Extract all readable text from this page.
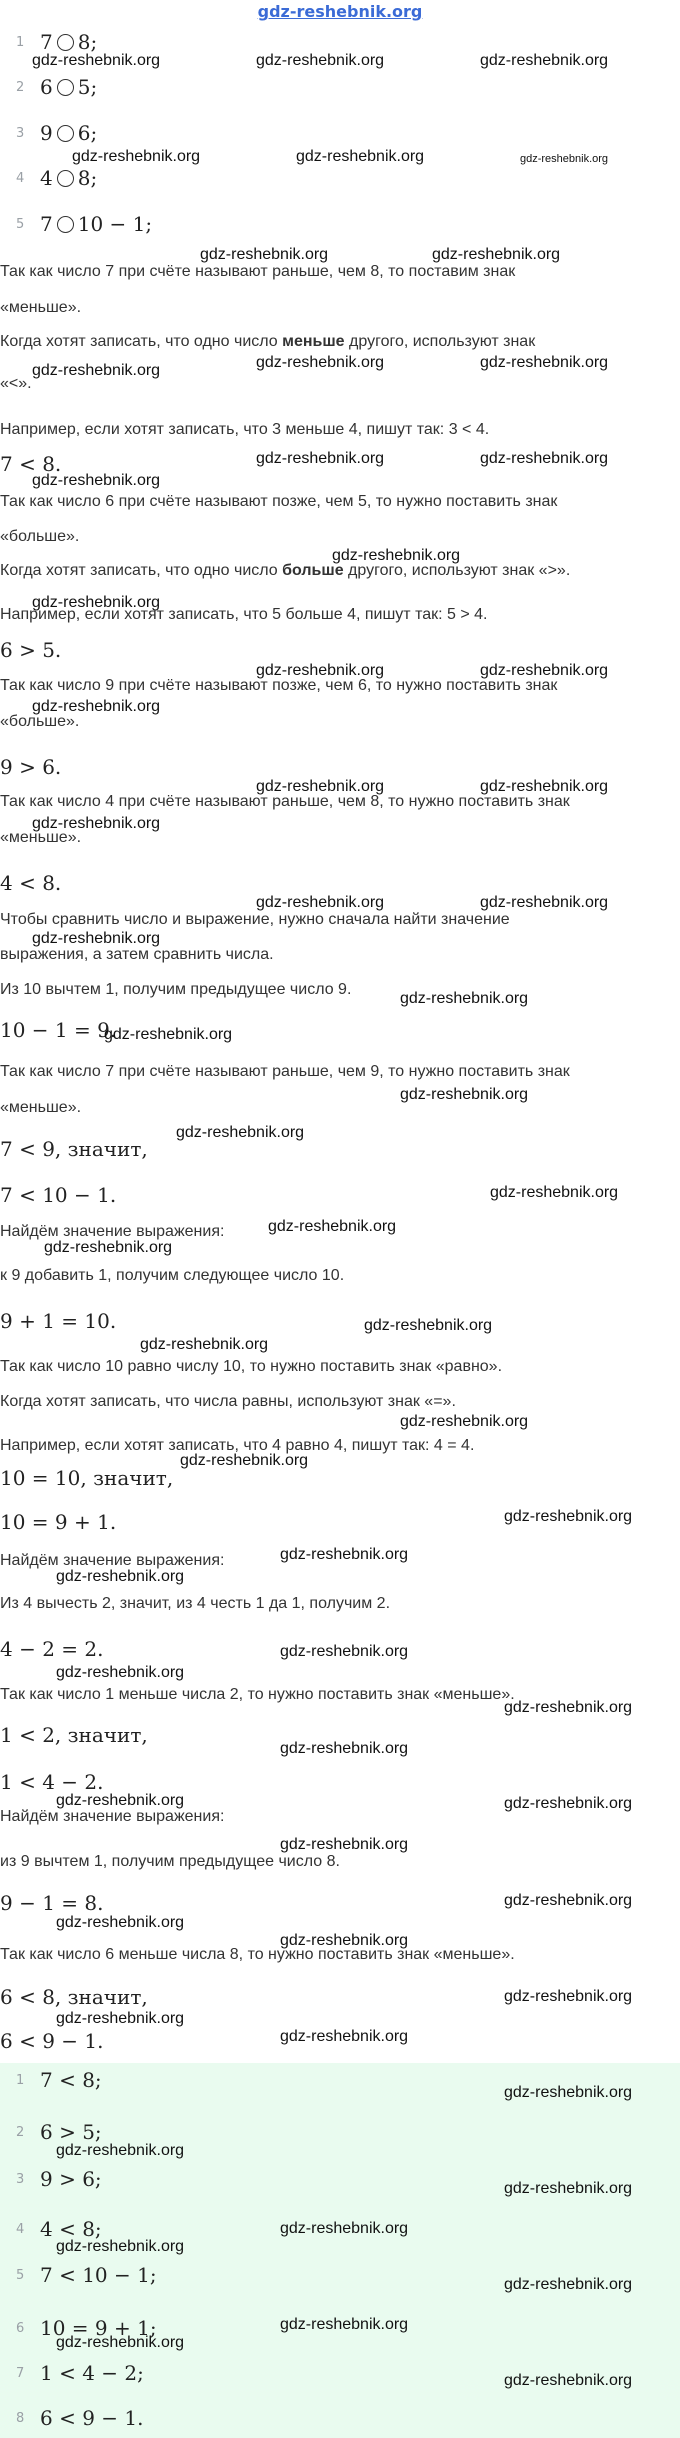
gdz-reshebnik.org
1 7 8;
2 6 5;
3 9 6;
4 4 8;
5 7 10 − 1;
Так как число 7 при счёте называют раньше, чем 8, то поставим знак
«меньше».
Когда хотят записать, что одно число меньше другого, используют знак
«<».
Например, если хотят записать, что 3 меньше 4, пишут так: 3 < 4.
7 < 8.
Так как число 6 при счёте называют позже, чем 5, то нужно поставить знак
«больше».
Когда хотят записать, что одно число больше другого, используют знак «>».
Например, если хотят записать, что 5 больше 4, пишут так: 5 > 4.
6 > 5.
Так как число 9 при счёте называют позже, чем 6, то нужно поставить знак
«больше».
9 > 6.
Так как число 4 при счёте называют раньше, чем 8, то нужно поставить знак
«меньше».
4 < 8.
Чтобы сравнить число и выражение, нужно сначала найти значение
выражения, а затем сравнить числа.
Из 10 вычтем 1, получим предыдущее число 9.
10 − 1 = 9.
Так как число 7 при счёте называют раньше, чем 9, то нужно поставить знак
«меньше».
7 < 9, значит,
7 < 10 − 1.
Найдём значение выражения:
к 9 добавить 1, получим следующее число 10.
9 + 1 = 10.
Так как число 10 равно числу 10, то нужно поставить знак «равно».
Когда хотят записать, что числа равны, используют знак «=».
Например, если хотят записать, что 4 равно 4, пишут так: 4 = 4.
10 = 10, значит,
10 = 9 + 1.
Найдём значение выражения:
Из 4 вычесть 2, значит, из 4 честь 1 да 1, получим 2.
4 − 2 = 2.
Так как число 1 меньше числа 2, то нужно поставить знак «меньше».
1 < 2, значит,
1 < 4 − 2.
Найдём значение выражения:
из 9 вычтем 1, получим предыдущее число 8.
9 − 1 = 8.
Так как число 6 меньше числа 8, то нужно поставить знак «меньше».
6 < 8, значит,
6 < 9 − 1.
1 7 < 8;
2 6 > 5;
3 9 > 6;
4 4 < 8;
5 7 < 10 − 1;
6 10 = 9 + 1;
7 1 < 4 − 2;
8 6 < 9 − 1.
gdz-reshebnik.org	gdz-reshebnik.org	gdz-reshebnik.org
gdz-reshebnik.org	gdz-reshebnik.org	gdz-reshebnik.org
gdz-reshebnik.org	gdz-reshebnik.org
gdz-reshebnik.org	gdz-reshebnik.org
gdz-reshebnik.org
gdz-reshebnik.org	gdz-reshebnik.org
gdz-reshebnik.org
gdz-reshebnik.org
gdz-reshebnik.org
gdz-reshebnik.org	gdz-reshebnik.org
gdz-reshebnik.org
gdz-reshebnik.org	gdz-reshebnik.org
gdz-reshebnik.org
gdz-reshebnik.org	gdz-reshebnik.org
gdz-reshebnik.org
gdz-reshebnik.org
gdz-reshebnik.org
gdz-reshebnik.org
gdz-reshebnik.org
gdz-reshebnik.org
gdz-reshebnik.org
gdz-reshebnik.org
gdz-reshebnik.org
gdz-reshebnik.org
gdz-reshebnik.org
gdz-reshebnik.org
gdz-reshebnik.org
gdz-reshebnik.org
gdz-reshebnik.org
gdz-reshebnik.org
gdz-reshebnik.org
gdz-reshebnik.org
gdz-reshebnik.org
gdz-reshebnik.org	gdz-reshebnik.org
gdz-reshebnik.org
gdz-reshebnik.org
gdz-reshebnik.org
gdz-reshebnik.org
gdz-reshebnik.org
gdz-reshebnik.org
gdz-reshebnik.org
gdz-reshebnik.org
gdz-reshebnik.org
gdz-reshebnik.org
gdz-reshebnik.org
gdz-reshebnik.org
gdz-reshebnik.org
gdz-reshebnik.org
gdz-reshebnik.org
gdz-reshebnik.org
